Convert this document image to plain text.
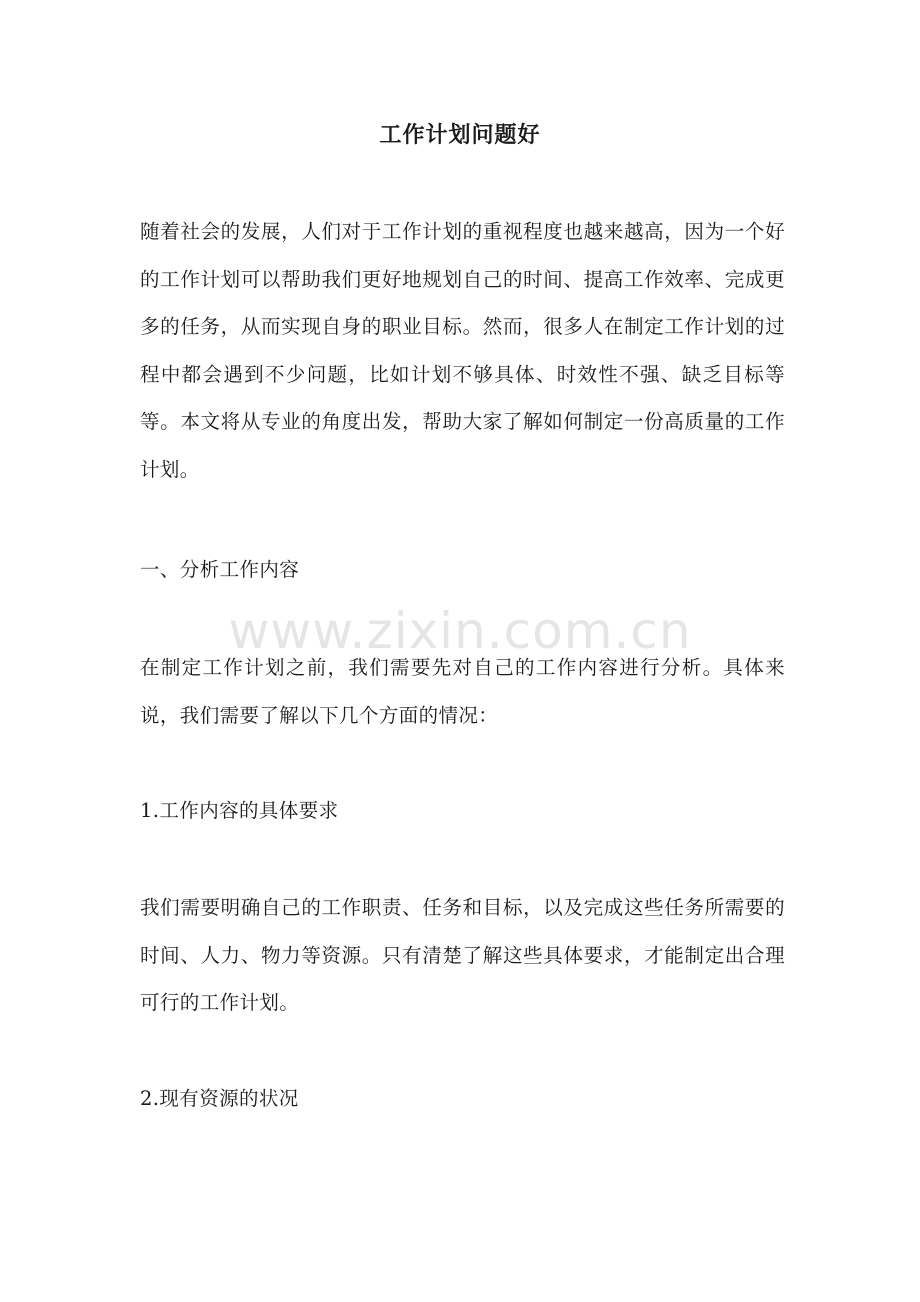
工作计划问题好
随着社会的发展，人们对于工作计划的重视程度也越来越高，因为一个好的工作计划可以帮助我们更好地规划自己的时间、提高工作效率、完成更多的任务，从而实现自身的职业目标。然而，很多人在制定工作计划的过程中都会遇到不少问题，比如计划不够具体、时效性不强、缺乏目标等等。本文将从专业的角度出发，帮助大家了解如何制定一份高质量的工作计划。
一、分析工作内容
www.zixin.com.cn
在制定工作计划之前，我们需要先对自己的工作内容进行分析。具体来说，我们需要了解以下几个方面的情况：
1.工作内容的具体要求
我们需要明确自己的工作职责、任务和目标，以及完成这些任务所需要的时间、人力、物力等资源。只有清楚了解这些具体要求，才能制定出合理可行的工作计划。
2.现有资源的状况
